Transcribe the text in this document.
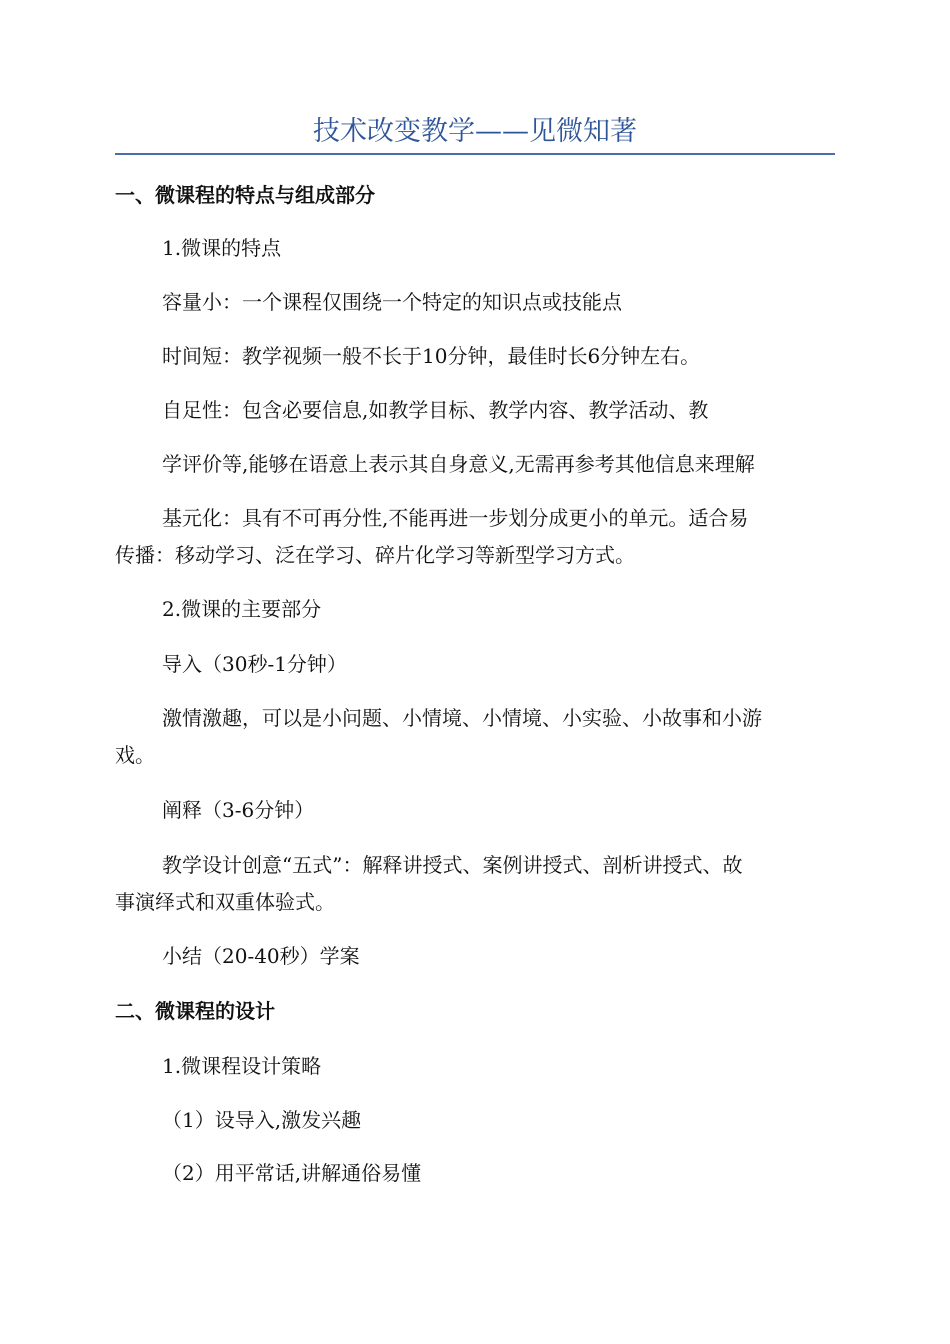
技术改变教学——见微知著
一、微课程的特点与组成部分
1.微课的特点
容量小：一个课程仅围绕一个特定的知识点或技能点
时间短：教学视频一般不长于10分钟，最佳时长6分钟左右。
自足性：包含必要信息,如教学目标、教学内容、教学活动、教
学评价等,能够在语意上表示其自身意义,无需再参考其他信息来理解
基元化：具有不可再分性,不能再进一步划分成更小的单元。适合易
传播：移动学习、泛在学习、碎片化学习等新型学习方式。
2.微课的主要部分
导入（30秒-1分钟）
激情激趣，可以是小问题、小情境、小情境、小实验、小故事和小游
戏。
阐释（3-6分钟）
教学设计创意“五式”：解释讲授式、案例讲授式、剖析讲授式、故
事演绎式和双重体验式。
小结（20-40秒）学案
二、微课程的设计
1.微课程设计策略
（1）设导入,激发兴趣
（2）用平常话,讲解通俗易懂
